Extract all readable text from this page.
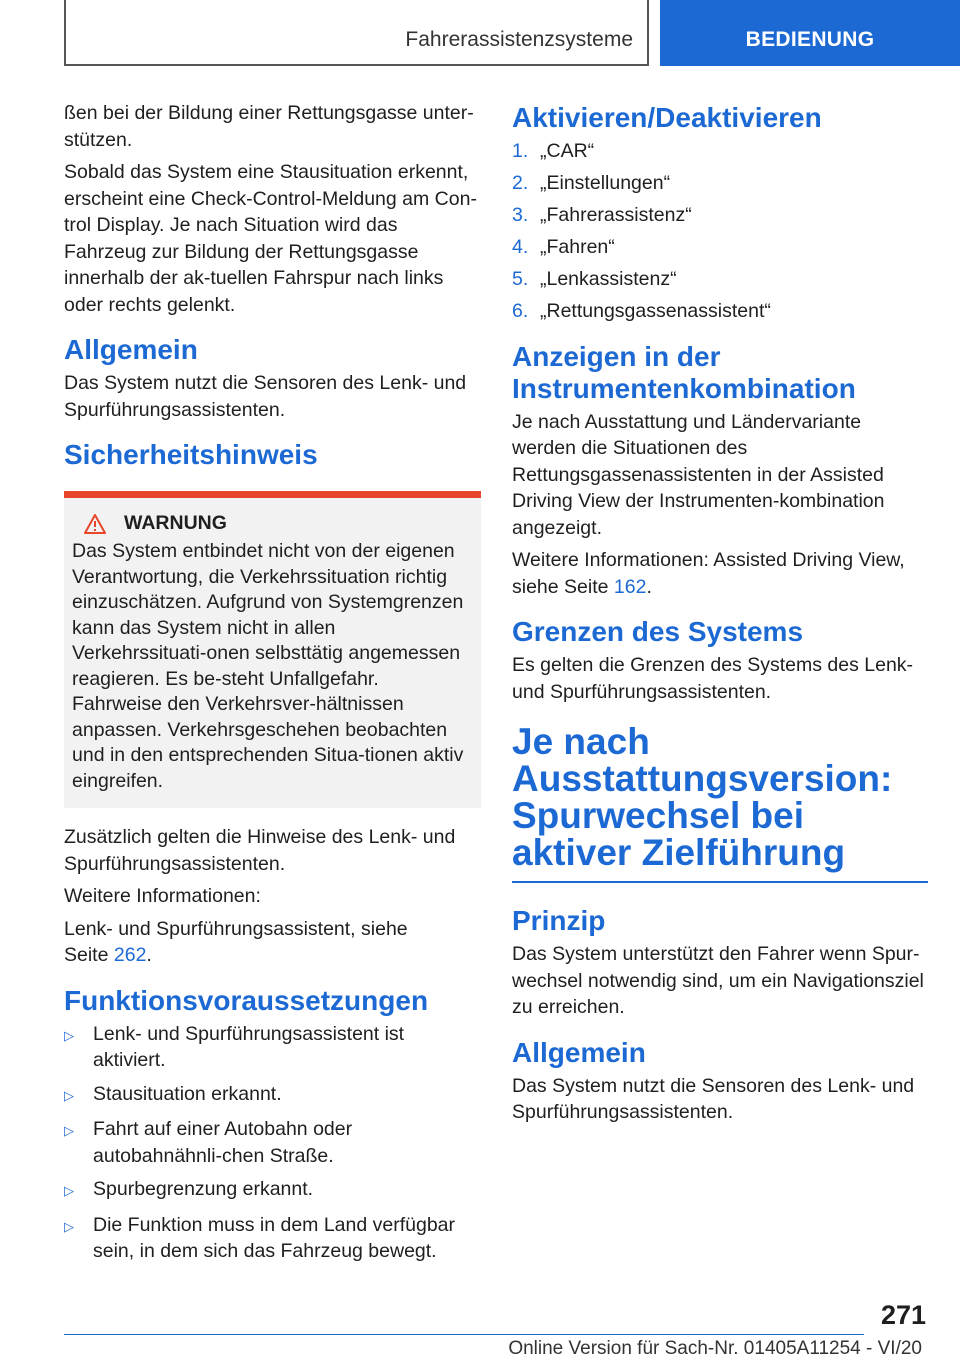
Fahrerassistenzsysteme	BEDIENUNG

ßen bei der Bildung einer Rettungsgasse unter-stützen.

Sobald das System eine Stausituation erkennt, erscheint eine Check-Control-Meldung am Con-trol Display. Je nach Situation wird das Fahrzeug zur Bildung der Rettungsgasse innerhalb der ak-tuellen Fahrspur nach links oder rechts gelenkt.

Allgemein

Das System nutzt die Sensoren des Lenk- und Spurführungsassistenten.

Sicherheitshinweis
WARNUNG

Das System entbindet nicht von der eigenen Verantwortung, die Verkehrssituation richtig einzuschätzen. Aufgrund von Systemgrenzen kann das System nicht in allen Verkehrssituati-onen selbsttätig angemessen reagieren. Es be-steht Unfallgefahr. Fahrweise den Verkehrsver-hältnissen anpassen. Verkehrsgeschehen beobachten und in den entsprechenden Situa-tionen aktiv eingreifen.

Zusätzlich gelten die Hinweise des Lenk- und Spurführungsassistenten.

Weitere Informationen:

Lenk- und Spurführungsassistent, siehe
Seite 262.

Funktionsvoraussetzungen
▷ Lenk- und Spurführungsassistent ist aktiviert.
▷ Stausituation erkannt.
▷ Fahrt auf einer Autobahn oder autobahnähnli-chen Straße.
▷ Spurbegrenzung erkannt.
▷ Die Funktion muss in dem Land verfügbar sein, in dem sich das Fahrzeug bewegt.
Aktivieren/Deaktivieren
1. „CAR“
2. „Einstellungen“
3. „Fahrerassistenz“
4. „Fahren“
5. „Lenkassistenz“
6. „Rettungsgassenassistent“
Anzeigen in der Instrumentenkombination

Je nach Ausstattung und Ländervariante werden die Situationen des Rettungsgassenassistenten in der Assisted Driving View der Instrumenten-kombination angezeigt.

Weitere Informationen: Assisted Driving View, siehe Seite 162.

Grenzen des Systems

Es gelten die Grenzen des Systems des Lenk- und Spurführungsassistenten.

Je nach Ausstattungsversion: Spurwechsel bei aktiver Zielführung
Prinzip

Das System unterstützt den Fahrer wenn Spur-wechsel notwendig sind, um ein Navigationsziel zu erreichen.

Allgemein

Das System nutzt die Sensoren des Lenk- und Spurführungsassistenten.

271
Online Version für Sach-Nr. 01405A11254 - VI/20
